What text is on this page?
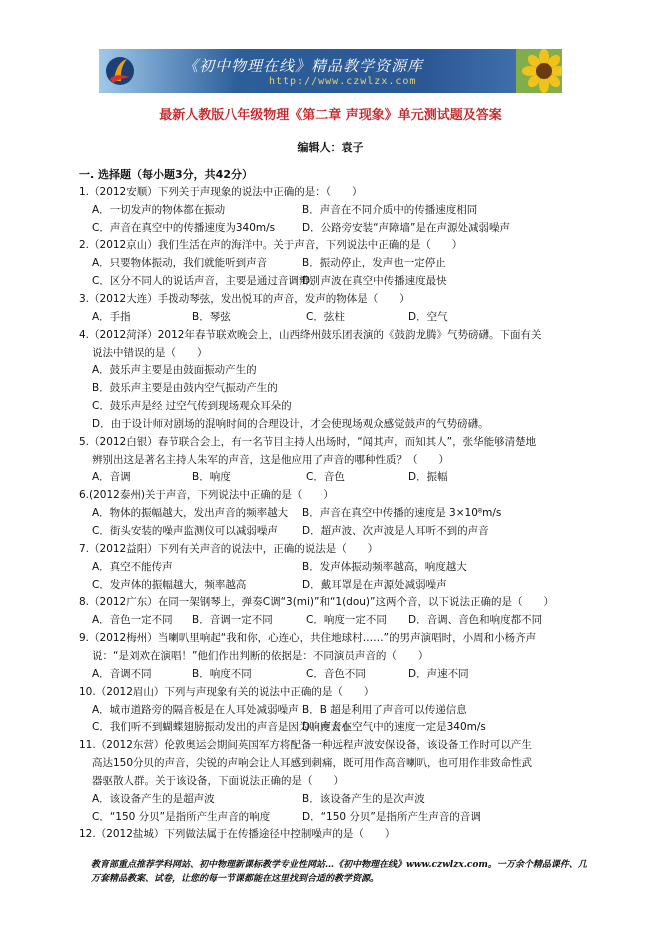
《初中物理在线》精品教学资源库
http://www.czwlzx.com
最新人教版八年级物理《第二章 声现象》单元测试题及答案
编辑人：袁子
一. 选择题（每小题3分，共42分）
1.（2012安顺）下列关于声现象的说法中正确的是：（　　）
A．一切发声的物体都在振动	B．声音在不同介质中的传播速度相同
C．声音在真空中的传播速度为340m/s	D．公路旁安装“声障墙”是在声源处减弱噪声
2.（2012京山）我们生活在声的海洋中。关于声音，下列说法中正确的是（　　）
A．只要物体振动，我们就能听到声音	B．振动停止，发声也一定停止
C．区分不同人的说话声音，主要是通过音调辨别
D．声波在真空中传播速度最快
3.（2012大连）手拨动琴弦，发出悦耳的声音，发声的物体是（　　）
A．手指	B．琴弦	C．弦柱	D．空气
4.（2012菏泽）2012年春节联欢晚会上，山西绛州鼓乐团表演的《鼓韵龙腾》气势磅礴。下面有关
说法中错误的是（　　）
A．鼓乐声主要是由鼓面振动产生的
B．鼓乐声主要是由鼓内空气振动产生的
C．鼓乐声是经 过空气传到现场观众耳朵的
D．由于设计师对剧场的混响时间的合理设计，才会使现场观众感觉鼓声的气势磅礴。
5.（2012白银）春节联合会上，有一名节目主持人出场时，“闻其声，而知其人”，张华能够清楚地
辨别出这是著名主持人朱军的声音，这是他应用了声音的哪种性质？（　　）
A．音调	B．响度	C．音色	D．振幅
6.(2012泰州)关于声音，下列说法中正确的是（　　）
A．物体的振幅越大，发出声音的频率越大 B．声音在真空中传播的速度是 3×10⁸m/s
C．街头安装的噪声监测仪可以减弱噪声 D．超声波、次声波是人耳听不到的声音
7.（2012益阳）下列有关声音的说法中，正确的说法是（　　）
A．真空不能传声	B．发声体振动频率越高，响度越大
C．发声体的振幅越大，频率越高	D．戴耳罩是在声源处减弱噪声
8.（2012广东）在同一架钢琴上，弹奏C调“3(mi)”和“1(dou)”这两个音，以下说法正确的是（　　）
A．音色一定不同 B．音调一定不同	C．响度一定不同 D．音调、音色和响度都不同
9.（2012梅州）当喇叭里响起“我和你，心连心，共住地球村……”的男声演唱时，小周和小杨齐声
说：“是刘欢在演唱！”他们作出判断的依据是：不同演员声音的（　　）
A．音调不同	B．响度不同	C．音色不同	D．声速不同
10.（2012眉山）下列与声现象有关的说法中正确的是（　　）
A．城市道路旁的隔音板是在人耳处减弱噪声 B．B 超是利用了声音可以传递信息
C．我们听不到蝴蝶翅膀振动发出的声音是因为响度太小
D．声音在空气中的速度一定是340m/s
11.（2012东营）伦敦奥运会期间英国军方将配备一种远程声波安保设备，该设备工作时可以产生
高达150分贝的声音，尖锐的声响会让人耳感到刺痛，既可用作高音喇叭，也可用作非致命性武
器驱散人群。关于该设备，下面说法正确的是（　　）
A．该设备产生的是超声波	B．该设备产生的是次声波
C．“150 分贝”是指所产生声音的响度	D．“150 分贝”是指所产生声音的音调
12.（2012盐城）下列做法属于在传播途径中控制噪声的是（　　）
教育部重点推荐学科网站、初中物理新课标教学专业性网站…《初中物理在线》www.czwlzx.com。一万余个精品课件、几万套精品教案、试卷，让您的每一节课都能在这里找到合适的教学资源。
